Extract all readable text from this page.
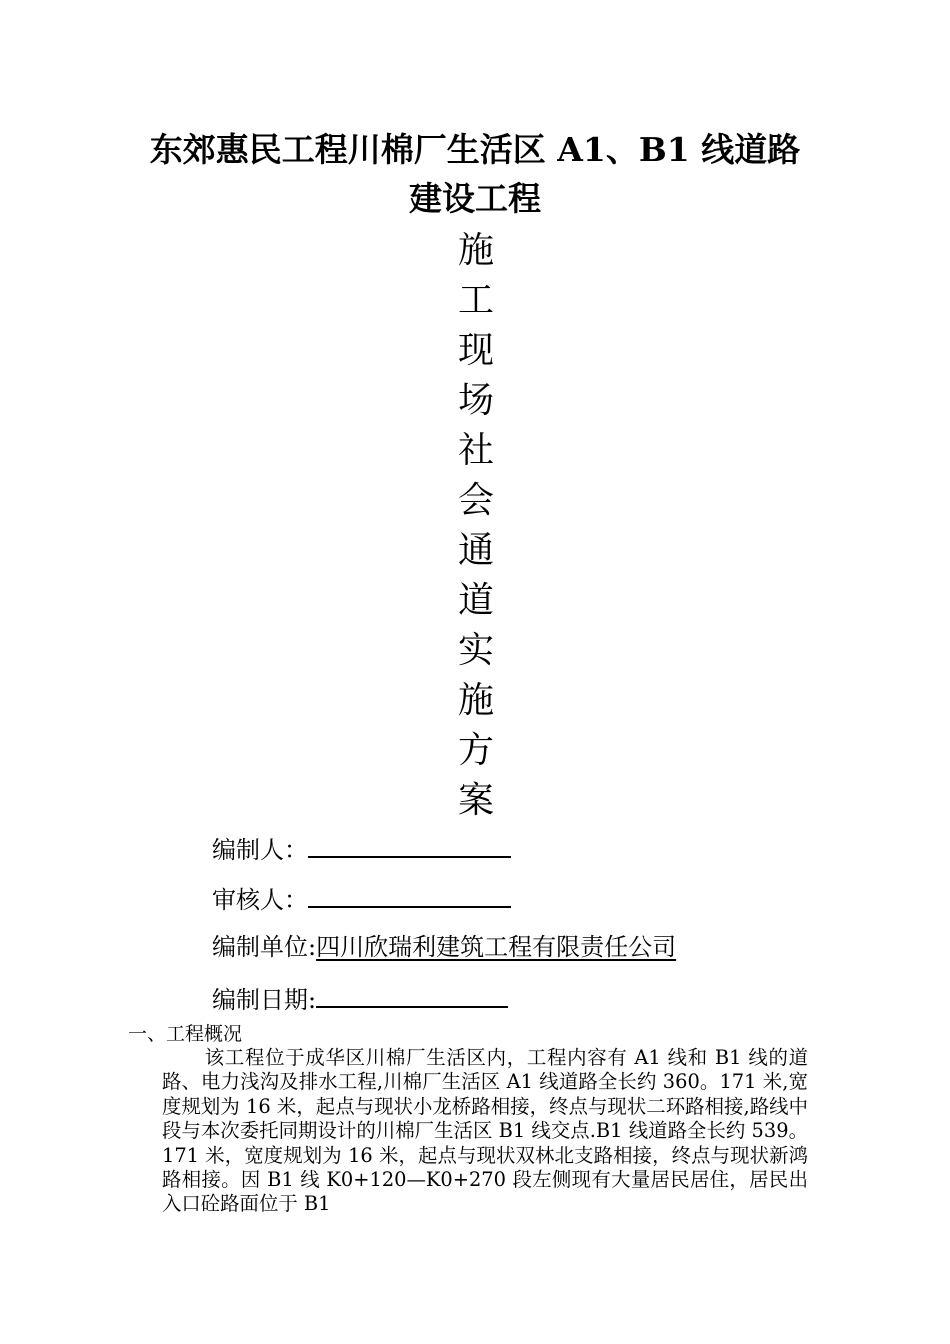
东郊惠民工程川棉厂生活区 A1、B1 线道路
建设工程
施
工
现
场
社
会
通
道
实
施
方
案
编制人：
审核人：
编制单位:四川欣瑞利建筑工程有限责任公司
编制日期:
一、工程概况
该工程位于成华区川棉厂生活区内，工程内容有 A1 线和 B1 线的道路、电力浅沟及排水工程,川棉厂生活区 A1 线道路全长约 360。171 米,宽度规划为 16 米，起点与现状小龙桥路相接，终点与现状二环路相接,路线中段与本次委托同期设计的川棉厂生活区 B1 线交点.B1 线道路全长约 539。171 米，宽度规划为 16 米，起点与现状双林北支路相接，终点与现状新鸿路相接。因 B1 线 K0+120—K0+270 段左侧现有大量居民居住，居民出入口砼路面位于 B1
